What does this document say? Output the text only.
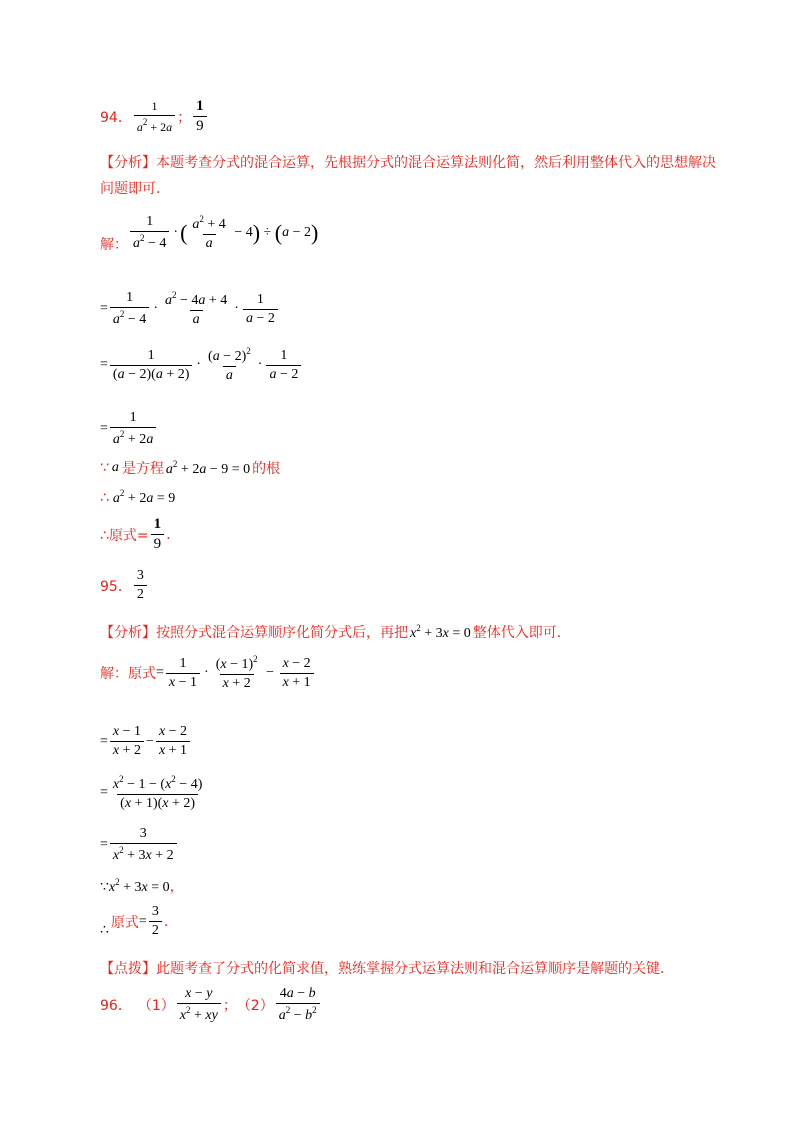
94． $\frac{1}{a^2 + 2a}$ ； $\frac{1}{9}$
【分析】本题考查分式的混合运算，先根据分式的混合运算法则化简，然后利用整体代入的思想解决
问题即可.
解： $\frac{1}{a^2 - 4}$ ·( $\frac{a^2 + 4}{a} - 4) \div (a - 2)$
= $\frac{1}{a^2 - 4} \cdot \frac{a^2 - 4a + 4}{a} \cdot \frac{1}{a - 2}$
= $\frac{1}{(a - 2)(a + 2)} \cdot \frac{(a - 2)^2}{a} \cdot \frac{1}{a - 2}$
= $\frac{1}{a^2 + 2a}$
∵ a 是方程 $a^2 + 2a - 9 = 0$ 的根
∴ $a^2 + 2a = 9$
∴原式= $\frac{1}{9}$ .
95． $\frac{3}{2}$
【分析】 按照分式混合运算顺序化简分式后，再把 $x^2 + 3x = 0$ 整体代入即可.
解：原式 = $\frac{1}{x - 1} \cdot \frac{(x - 1)^2}{x + 2} - \frac{x - 2}{x + 1}$
= $\frac{x - 1}{x + 2} - \frac{x - 2}{x + 1}$
= $\frac{x^2 - 1 - (x^2 - 4)}{(x + 1)(x + 2)}$
= $\frac{3}{x^2 + 3x + 2}$
$\because x^2 + 3x = 0$ ，
∴ 原式 = $\frac{3}{2}$ .
【点拨】此题考查了分式的化简求值，熟练掌握分式运算法则和混合运算顺序是解题的关键.
96． $(1) \frac{x - y}{x^2 + xy}$ ； $(2) \frac{4a - b}{a^2 - b^2}$
